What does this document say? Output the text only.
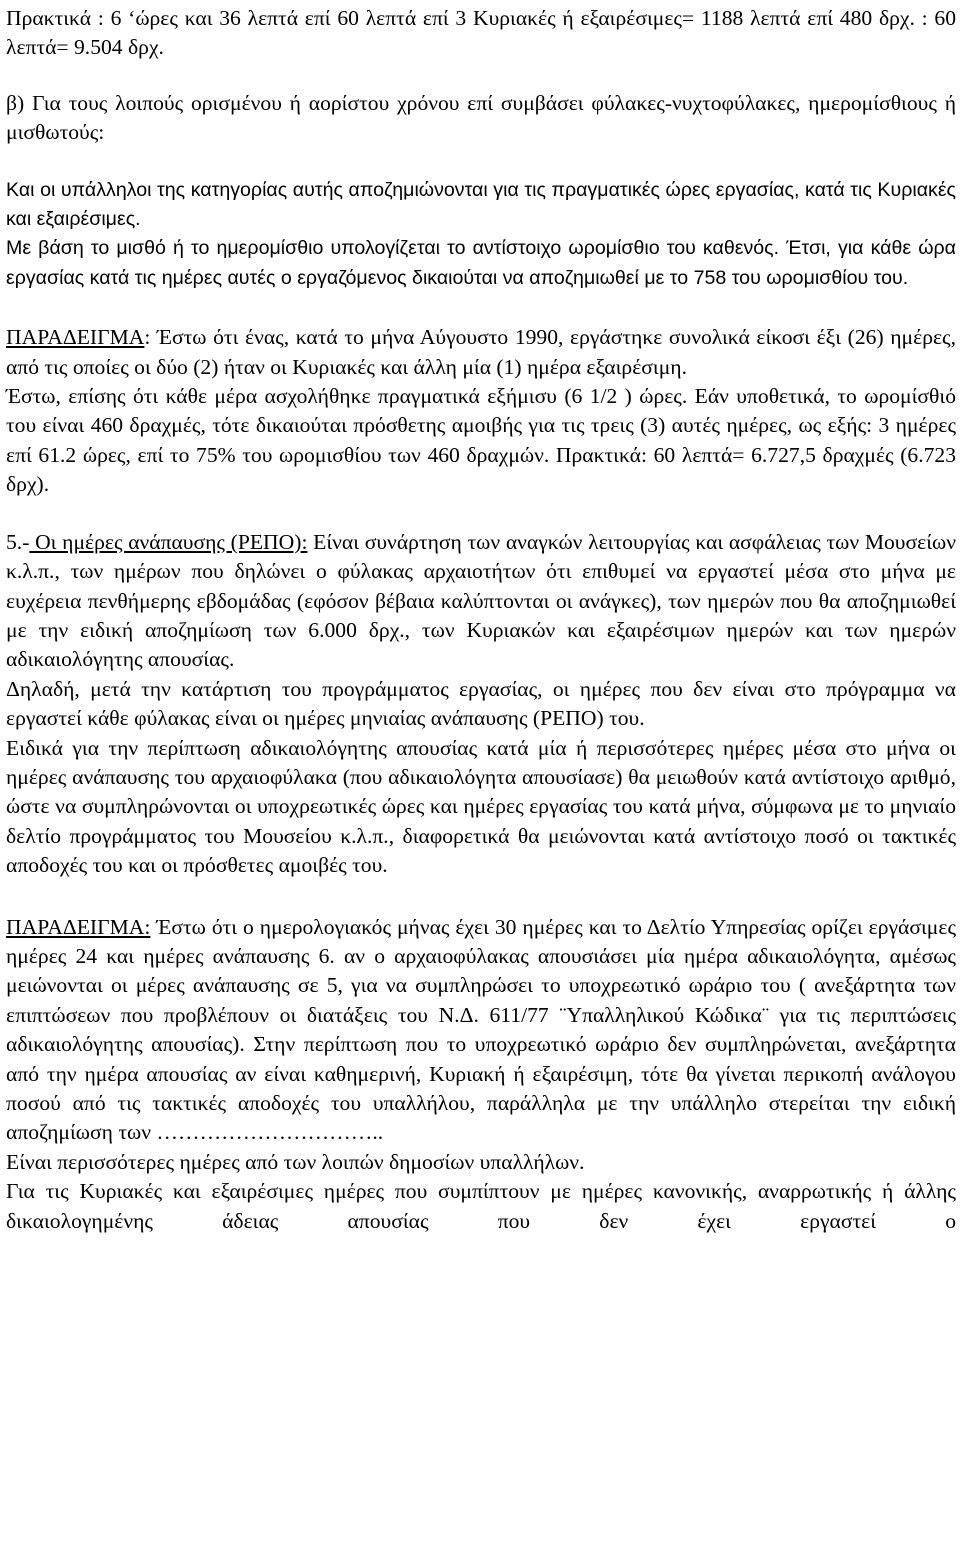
Πρακτικά : 6 ‘ώρες και 36 λεπτά επί 60 λεπτά επί 3 Κυριακές ή εξαιρέσιμες= 1188 λεπτά επί 480 δρχ. : 60 λεπτά= 9.504 δρχ.

β) Για τους λοιπούς ορισμένου ή αορίστου χρόνου επί συμβάσει φύλακες-νυχτοφύλακες, ημερομίσθιους ή μισθωτούς:

Και οι υπάλληλοι της κατηγορίας αυτής αποζημιώνονται για τις πραγματικές ώρες εργασίας, κατά τις Κυριακές και εξαιρέσιμες.

Με βάση το μισθό ή το ημερομίσθιο υπολογίζεται το αντίστοιχο ωρομίσθιο του καθενός. Έτσι, για κάθε ώρα εργασίας κατά τις ημέρες αυτές ο εργαζόμενος δικαιούται να αποζημιωθεί με το 758 του ωρομισθίου του.

ΠΑΡΑΔΕΙΓΜΑ: Έστω ότι ένας, κατά το μήνα Αύγουστο 1990, εργάστηκε συνολικά είκοσι έξι (26) ημέρες, από τις οποίες οι δύο (2) ήταν οι Κυριακές και άλλη μία (1) ημέρα εξαιρέσιμη.

Έστω, επίσης ότι κάθε μέρα ασχολήθηκε πραγματικά εξήμισυ (6 1/2 ) ώρες. Εάν υποθετικά, το ωρομίσθιό του είναι 460 δραχμές, τότε δικαιούται πρόσθετης αμοιβής για τις τρεις (3) αυτές ημέρες, ως εξής: 3 ημέρες επί 61.2 ώρες, επί το 75% του ωρομισθίου των 460 δραχμών. Πρακτικά: 60 λεπτά= 6.727,5 δραχμές (6.723 δρχ).

5.- Οι ημέρες ανάπαυσης (ΡΕΠΟ): Είναι συνάρτηση των αναγκών λειτουργίας και ασφάλειας των Μουσείων κ.λ.π., των ημέρων που δηλώνει ο φύλακας αρχαιοτήτων ότι επιθυμεί να εργαστεί μέσα στο μήνα με ευχέρεια πενθήμερης εβδομάδας (εφόσον βέβαια καλύπτονται οι ανάγκες), των ημερών που θα αποζημιωθεί με την ειδική αποζημίωση των 6.000 δρχ., των Κυριακών και εξαιρέσιμων ημερών και των ημερών αδικαιολόγητης απουσίας.

Δηλαδή, μετά την κατάρτιση του προγράμματος εργασίας, οι ημέρες που δεν είναι στο πρόγραμμα να εργαστεί κάθε φύλακας είναι οι ημέρες μηνιαίας ανάπαυσης (ΡΕΠΟ) του.

Ειδικά για την περίπτωση αδικαιολόγητης απουσίας κατά μία ή περισσότερες ημέρες μέσα στο μήνα οι ημέρες ανάπαυσης του αρχαιοφύλακα (που αδικαιολόγητα απουσίασε) θα μειωθούν κατά αντίστοιχο αριθμό, ώστε να συμπληρώνονται οι υποχρεωτικές ώρες και ημέρες εργασίας του κατά μήνα, σύμφωνα με το μηνιαίο δελτίο προγράμματος του Μουσείου κ.λ.π., διαφορετικά θα μειώνονται κατά αντίστοιχο ποσό οι τακτικές αποδοχές του και οι πρόσθετες αμοιβές του.

ΠΑΡΑΔΕΙΓΜΑ: Έστω ότι ο ημερολογιακός μήνας έχει 30 ημέρες και το Δελτίο Υπηρεσίας ορίζει εργάσιμες ημέρες 24 και ημέρες ανάπαυσης 6. αν ο αρχαιοφύλακας απουσιάσει μία ημέρα αδικαιολόγητα, αμέσως μειώνονται οι μέρες ανάπαυσης σε 5, για να συμπληρώσει το υποχρεωτικό ωράριο του ( ανεξάρτητα των επιπτώσεων που προβλέπουν οι διατάξεις του Ν.Δ. 611/77 ¨Υπαλληλικού Κώδικα¨ για τις περιπτώσεις αδικαιολόγητης απουσίας). Στην περίπτωση που το υποχρεωτικό ωράριο δεν συμπληρώνεται, ανεξάρτητα από την ημέρα απουσίας αν είναι καθημερινή, Κυριακή ή εξαιρέσιμη, τότε θα γίνεται περικοπή ανάλογου ποσού από τις τακτικές αποδοχές του υπαλλήλου, παράλληλα με την υπάλληλο στερείται την ειδική αποζημίωση των …………………………..

Είναι περισσότερες ημέρες από των λοιπών δημοσίων υπαλλήλων.

Για τις Κυριακές και εξαιρέσιμες ημέρες που συμπίπτουν με ημέρες κανονικής, αναρρωτικής ή άλλης δικαιολογημένης άδειας απουσίας που δεν έχει εργαστεί ο
